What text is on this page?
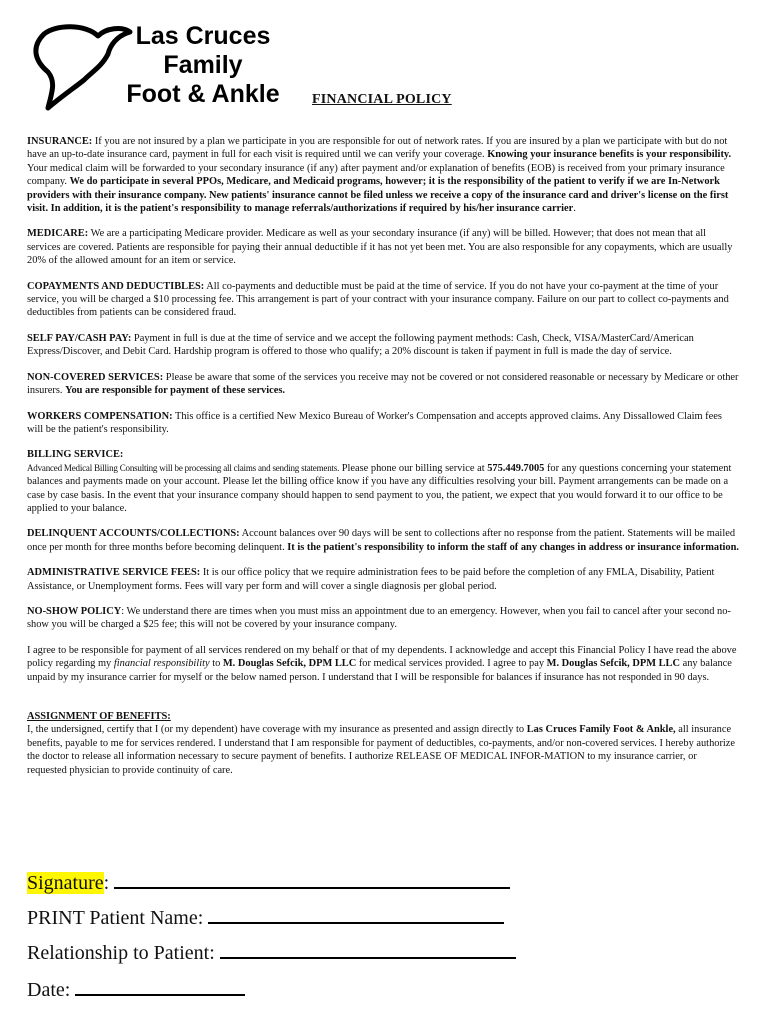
Las Cruces
Family
Foot & Ankle	FINANCIAL POLICY

INSURANCE: If you are not insured by a plan we participate in you are responsible for out of network rates. If you are insured by a plan we participate with but do not have an up-to-date insurance card, payment in full for each visit is required until we can verify your coverage. Knowing your insurance benefits is your responsibility. Your medical claim will be forwarded to your secondary insurance (if any) after payment and/or explanation of benefits (EOB) is received from your primary insurance company. We do participate in several PPOs, Medicare, and Medicaid programs, however; it is the responsibility of the patient to verify if we are In-Network providers with their insurance company. New patients' insurance cannot be filed unless we receive a copy of the insurance card and driver's license on the first visit. In addition, it is the patient's responsibility to manage referrals/authorizations if required by his/her insurance carrier.

MEDICARE: We are a participating Medicare provider. Medicare as well as your secondary insurance (if any) will be billed. However; that does not mean that all services are covered. Patients are responsible for paying their annual deductible if it has not yet been met. You are also responsible for any copayments, which are usually 20% of the allowed amount for an item or service.

COPAYMENTS AND DEDUCTIBLES: All co-payments and deductible must be paid at the time of service. If you do not have your co-payment at the time of your service, you will be charged a $10 processing fee. This arrangement is part of your contract with your insurance company. Failure on our part to collect co-payments and deductibles from patients can be considered fraud.

SELF PAY/CASH PAY: Payment in full is due at the time of service and we accept the following payment methods: Cash, Check, VISA/MasterCard/American Express/Discover, and Debit Card. Hardship program is offered to those who qualify; a 20% discount is taken if payment in full is made the day of service.

NON-COVERED SERVICES: Please be aware that some of the services you receive may not be covered or not considered reasonable or necessary by Medicare or other insurers. You are responsible for payment of these services.

WORKERS COMPENSATION: This office is a certified New Mexico Bureau of Worker's Compensation and accepts approved claims. Any Dissallowed Claim fees will be the patient's responsibility.

BILLING SERVICE:
Advanced Medical Billing Consulting will be processing all claims and sending statements. Please phone our billing service at 575.449.7005 for any questions concerning your statement balances and payments made on your account. Please let the billing office know if you have any difficulties resolving your bill. Payment arrangements can be made on a case by case basis. In the event that your insurance company should happen to send payment to you, the patient, we expect that you would forward it to our office to be applied to your balance.

DELINQUENT ACCOUNTS/COLLECTIONS: Account balances over 90 days will be sent to collections after no response from the patient. Statements will be mailed once per month for three months before becoming delinquent. It is the patient's responsibility to inform the staff of any changes in address or insurance information.

ADMINISTRATIVE SERVICE FEES: It is our office policy that we require administration fees to be paid before the completion of any FMLA, Disability, Patient Assistance, or Unemployment forms. Fees will vary per form and will cover a single diagnosis per global period.

NO-SHOW POLICY: We understand there are times when you must miss an appointment due to an emergency. However, when you fail to cancel after your second no-show you will be charged a $25 fee; this will not be covered by your insurance company.

I agree to be responsible for payment of all services rendered on my behalf or that of my dependents. I acknowledge and accept this Financial Policy I have read the above policy regarding my financial responsibility to M. Douglas Sefcik, DPM LLC for medical services provided. I agree to pay M. Douglas Sefcik, DPM LLC any balance unpaid by my insurance carrier for myself or the below named person. I understand that I will be responsible for balances if insurance has not responded in 90 days.

ASSIGNMENT OF BENEFITS:
I, the undersigned, certify that I (or my dependent) have coverage with my insurance as presented and assign directly to Las Cruces Family Foot & Ankle, all insurance benefits, payable to me for services rendered. I understand that I am responsible for payment of deductibles, co-payments, and/or non-covered services. I hereby authorize the doctor to release all information necessary to secure payment of benefits. I authorize RELEASE OF MEDICAL INFOR-MATION to my insurance carrier, or requested physician to provide continuity of care.

Signature:
PRINT Patient Name:
Relationship to Patient:
Date:
